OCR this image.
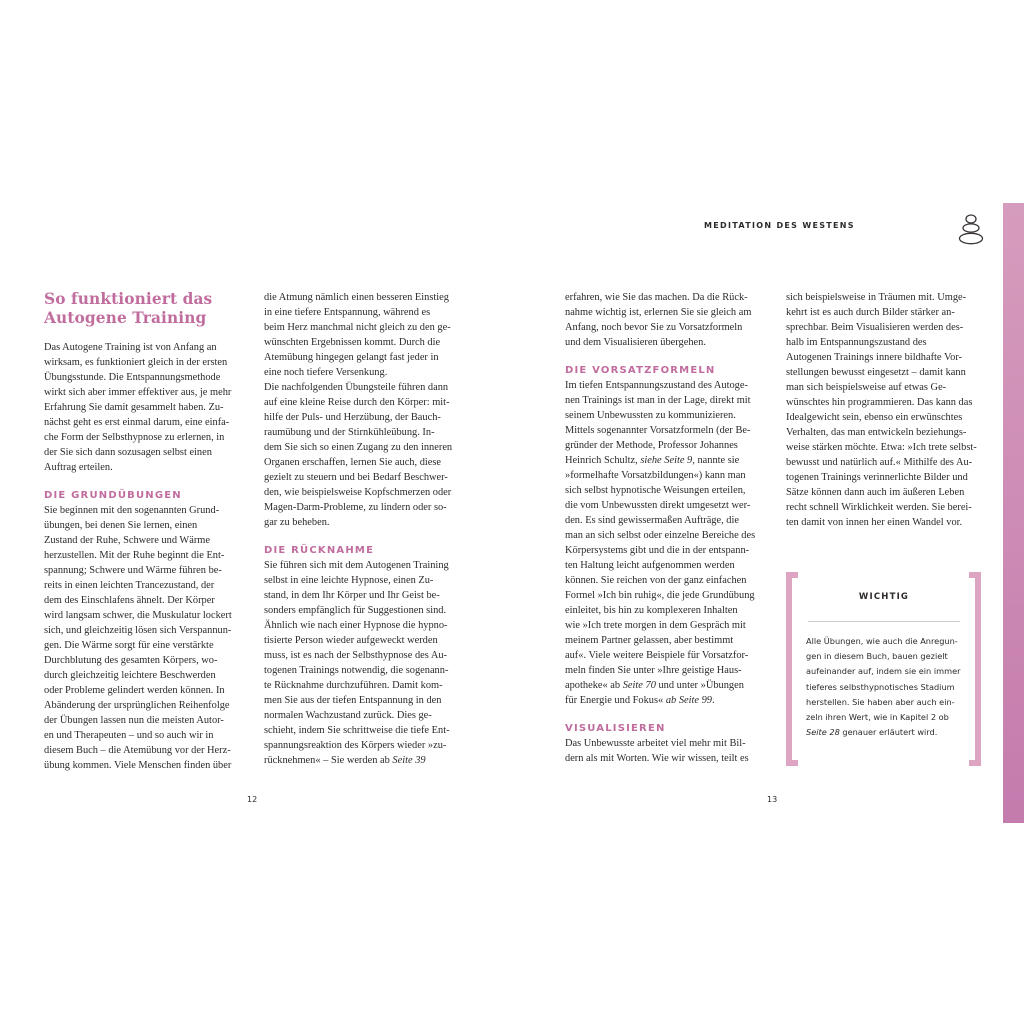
MEDITATION DES WESTENS
So funktioniert das
Autogene Training

Das Autogene Training ist von Anfang an

wirksam, es funktioniert gleich in der ersten

Übungsstunde. Die Entspannungsmethode

wirkt sich aber immer effektiver aus, je mehr

Erfahrung Sie damit gesammelt haben. Zu-

nächst geht es erst einmal darum, eine einfa-

che Form der Selbsthypnose zu erlernen, in

der Sie sich dann sozusagen selbst einen

Auftrag erteilen.

DIE GRUNDÜBUNGEN

Sie beginnen mit den sogenannten Grund-

übungen, bei denen Sie lernen, einen

Zustand der Ruhe, Schwere und Wärme

herzustellen. Mit der Ruhe beginnt die Ent-

spannung; Schwere und Wärme führen be-

reits in einen leichten Trancezustand, der

dem des Einschlafens ähnelt. Der Körper

wird langsam schwer, die Muskulatur lockert

sich, und gleichzeitig lösen sich Verspannun-

gen. Die Wärme sorgt für eine verstärkte

Durchblutung des gesamten Körpers, wo-

durch gleichzeitig leichtere Beschwerden

oder Probleme gelindert werden können. In

Abänderung der ursprünglichen Reihenfolge

der Übungen lassen nun die meisten Autor-

en und Therapeuten – und so auch wir in

diesem Buch – die Atemübung vor der Herz-

übung kommen. Viele Menschen finden über

die Atmung nämlich einen besseren Einstieg

in eine tiefere Entspannung, während es

beim Herz manchmal nicht gleich zu den ge-

wünschten Ergebnissen kommt. Durch die

Atemübung hingegen gelangt fast jeder in

eine noch tiefere Versenkung.

Die nachfolgenden Übungsteile führen dann

auf eine kleine Reise durch den Körper: mit-

hilfe der Puls- und Herzübung, der Bauch-

raumübung und der Stirnkühleübung. In-

dem Sie sich so einen Zugang zu den inneren

Organen erschaffen, lernen Sie auch, diese

gezielt zu steuern und bei Bedarf Beschwer-

den, wie beispielsweise Kopfschmerzen oder

Magen-Darm-Probleme, zu lindern oder so-

gar zu beheben.

DIE RÜCKNAHME

Sie führen sich mit dem Autogenen Training

selbst in eine leichte Hypnose, einen Zu-

stand, in dem Ihr Körper und Ihr Geist be-

sonders empfänglich für Suggestionen sind.

Ähnlich wie nach einer Hypnose die hypno-

tisierte Person wieder aufgeweckt werden

muss, ist es nach der Selbsthypnose des Au-

togenen Trainings notwendig, die sogenann-

te Rücknahme durchzuführen. Damit kom-

men Sie aus der tiefen Entspannung in den

normalen Wachzustand zurück. Dies ge-

schieht, indem Sie schrittweise die tiefe Ent-

spannungsreaktion des Körpers wieder »zu-

rücknehmen« – Sie werden ab Seite 39

erfahren, wie Sie das machen. Da die Rück-

nahme wichtig ist, erlernen Sie sie gleich am

Anfang, noch bevor Sie zu Vorsatzformeln

und dem Visualisieren übergehen.

DIE VORSATZFORMELN

Im tiefen Entspannungszustand des Autoge-

nen Trainings ist man in der Lage, direkt mit

seinem Unbewussten zu kommunizieren.

Mittels sogenannter Vorsatzformeln (der Be-

gründer der Methode, Professor Johannes

Heinrich Schultz, siehe Seite 9, nannte sie

»formelhafte Vorsatzbildungen«) kann man

sich selbst hypnotische Weisungen erteilen,

die vom Unbewussten direkt umgesetzt wer-

den. Es sind gewissermaßen Aufträge, die

man an sich selbst oder einzelne Bereiche des

Körpersystems gibt und die in der entspann-

ten Haltung leicht aufgenommen werden

können. Sie reichen von der ganz einfachen

Formel »Ich bin ruhig«, die jede Grundübung

einleitet, bis hin zu komplexeren Inhalten

wie »Ich trete morgen in dem Gespräch mit

meinem Partner gelassen, aber bestimmt

auf«. Viele weitere Beispiele für Vorsatzfor-

meln finden Sie unter »Ihre geistige Haus-

apotheke« ab Seite 70 und unter »Übungen

für Energie und Fokus« ab Seite 99.

VISUALISIEREN

Das Unbewusste arbeitet viel mehr mit Bil-

dern als mit Worten. Wie wir wissen, teilt es

sich beispielsweise in Träumen mit. Umge-

kehrt ist es auch durch Bilder stärker an-

sprechbar. Beim Visualisieren werden des-

halb im Entspannungszustand des

Autogenen Trainings innere bildhafte Vor-

stellungen bewusst eingesetzt – damit kann

man sich beispielsweise auf etwas Ge-

wünschtes hin programmieren. Das kann das

Idealgewicht sein, ebenso ein erwünschtes

Verhalten, das man entwickeln beziehungs-

weise stärken möchte. Etwa: »Ich trete selbst-

bewusst und natürlich auf.« Mithilfe des Au-

togenen Trainings verinnerlichte Bilder und

Sätze können dann auch im äußeren Leben

recht schnell Wirklichkeit werden. Sie berei-

ten damit von innen her einen Wandel vor.

WICHTIG

Alle Übungen, wie auch die Anregun-

gen in diesem Buch, bauen gezielt

aufeinander auf, indem sie ein immer

tieferes selbsthypnotisches Stadium

herstellen. Sie haben aber auch ein-

zeln ihren Wert, wie in Kapitel 2 ob

Seite 28 genauer erläutert wird.

12	13
